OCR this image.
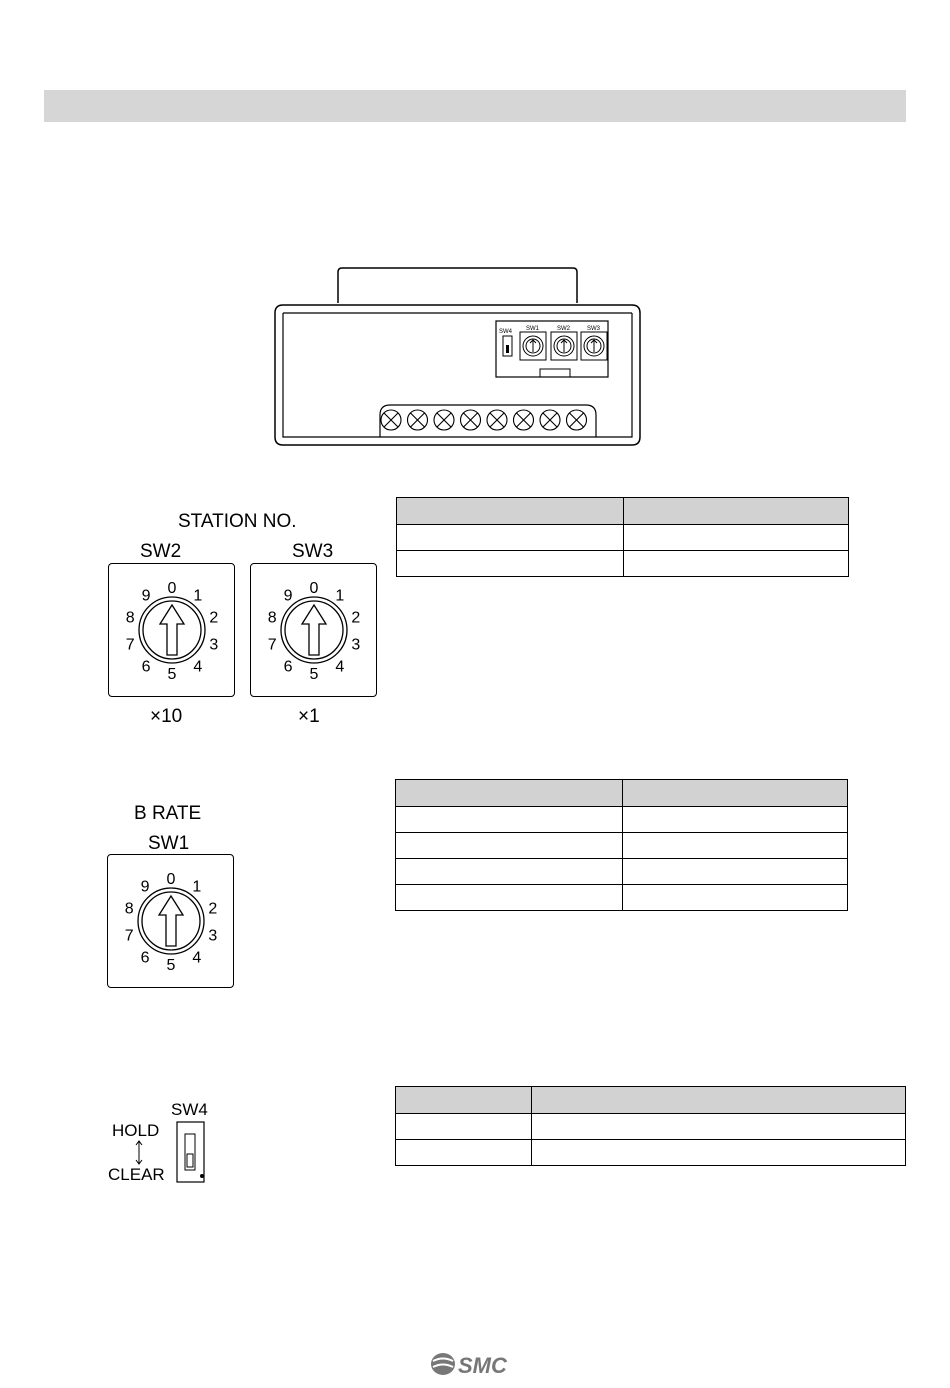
SW4 SW1	SW2	SW3
STATION NO.
SW2	SW3
0 1
2
3
4
5
6
7
8
9	0 1
2
3
4
5
6
7
8
9
×10	×1

B RATE
SW1
0 1
2
3
4
5
6
7
8
9

SW4
HOLD
CLEAR

SMC
